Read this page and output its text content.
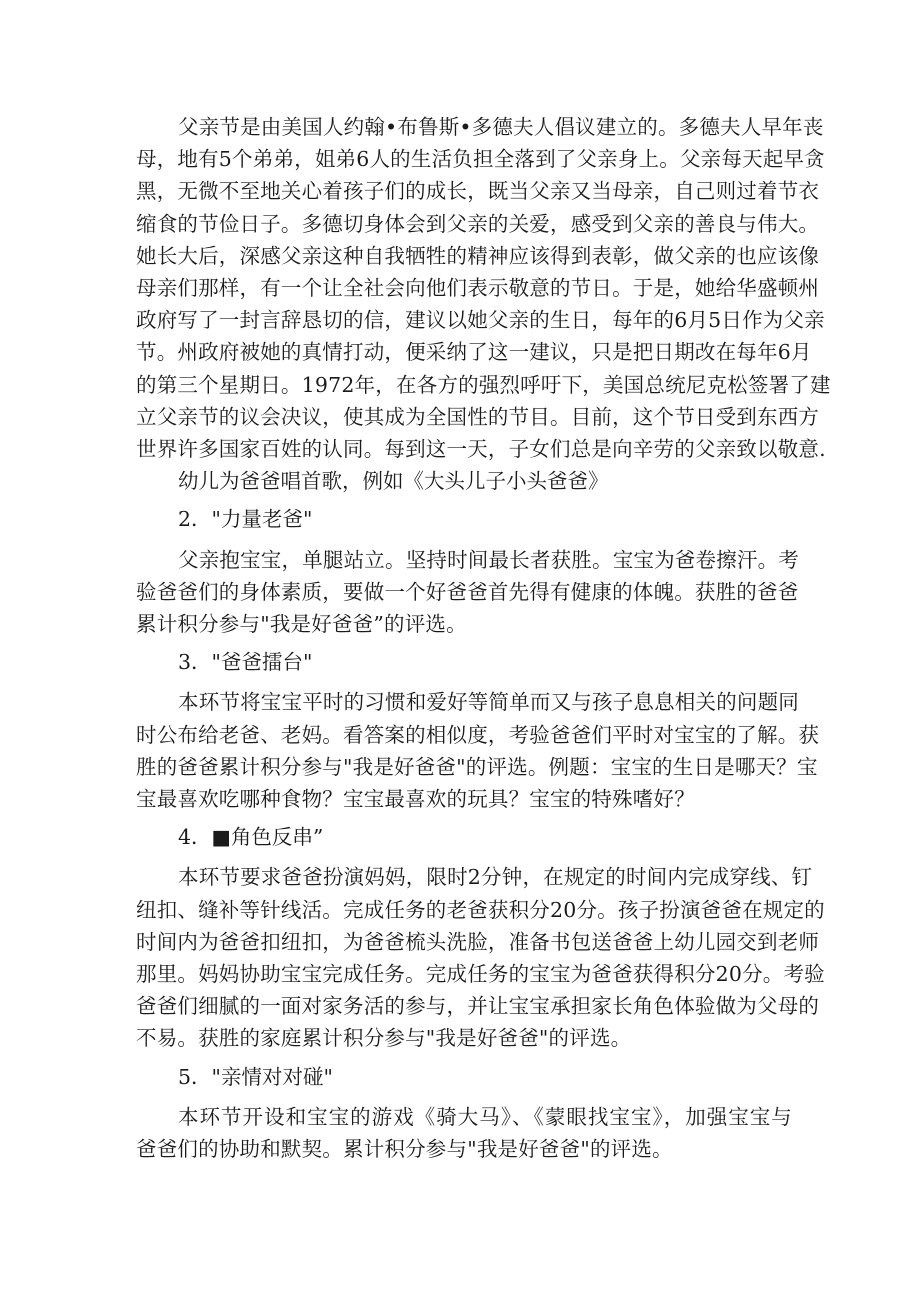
父亲节是由美国人约翰•布鲁斯•多德夫人倡议建立的。多德夫人早年丧
母，地有5个弟弟，姐弟6人的生活负担全落到了父亲身上。父亲每天起早贪
黑，无微不至地关心着孩子们的成长，既当父亲又当母亲，自己则过着节衣
缩食的节俭日子。多德切身体会到父亲的关爱，感受到父亲的善良与伟大。
她长大后，深感父亲这种自我牺牲的精神应该得到表彰，做父亲的也应该像
母亲们那样，有一个让全社会向他们表示敬意的节日。于是，她给华盛顿州
政府写了一封言辞恳切的信，建议以她父亲的生日，每年的6月5日作为父亲
节。州政府被她的真情打动，便采纳了这一建议，只是把日期改在每年6月
的第三个星期日。1972年，在各方的强烈呼吁下，美国总统尼克松签署了建
立父亲节的议会决议，使其成为全国性的节目。目前，这个节日受到东西方
世界许多国家百姓的认同。每到这一天，子女们总是向辛劳的父亲致以敬意.
幼儿为爸爸唱首歌，例如《大头儿子小头爸爸》
2．"力量老爸"
父亲抱宝宝，单腿站立。坚持时间最长者获胜。宝宝为爸卷擦汗。考
验爸爸们的身体素质，要做一个好爸爸首先得有健康的体魄。获胜的爸爸
累计积分参与"我是好爸爸”的评选。
3．"爸爸擂台"
本环节将宝宝平时的习惯和爱好等简单而又与孩子息息相关的问题同
时公布给老爸、老妈。看答案的相似度，考验爸爸们平时对宝宝的了解。获
胜的爸爸累计积分参与"我是好爸爸"的评选。例题：宝宝的生日是哪天？宝
宝最喜欢吃哪种食物？宝宝最喜欢的玩具？宝宝的特殊嗜好？
4．■角色反串”
本环节要求爸爸扮演妈妈，限时2分钟，在规定的时间内完成穿线、钉
纽扣、缝补等针线活。完成任务的老爸获积分20分。孩子扮演爸爸在规定的
时间内为爸爸扣纽扣，为爸爸梳头洗脸，准备书包送爸爸上幼儿园交到老师
那里。妈妈协助宝宝完成任务。完成任务的宝宝为爸爸获得积分20分。考验
爸爸们细腻的一面对家务活的参与，并让宝宝承担家长角色体验做为父母的
不易。获胜的家庭累计积分参与"我是好爸爸"的评选。
5．"亲情对对碰"
本环节开设和宝宝的游戏《骑大马》、《蒙眼找宝宝》，加强宝宝与
爸爸们的协助和默契。累计积分参与"我是好爸爸"的评选。
